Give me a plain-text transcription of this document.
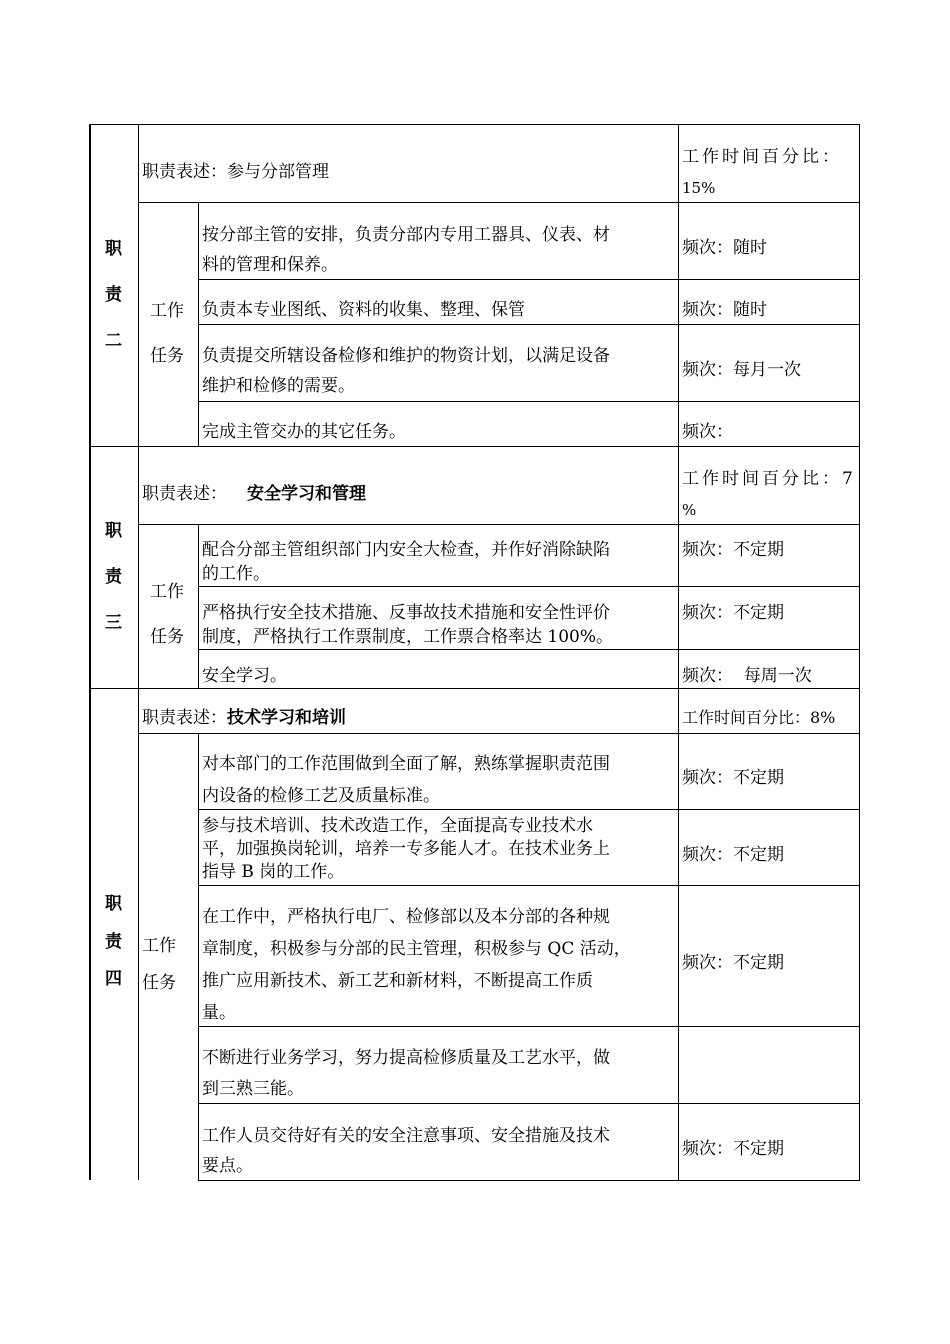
职
责
二
职责表述：参与分部管理
工作时间百分比：
15%
工作
任务
按分部主管的安排，负责分部内专用工器具、仪表、材
料的管理和保养。
频次：随时
负责本专业图纸、资料的收集、整理、保管	频次：随时
负责提交所辖设备检修和维护的物资计划，以满足设备
维护和检修的需要。
频次：每月一次
完成主管交办的其它任务。	频次：
职
责
三
职责表述： 安全学习和管理
工作时间百分比：7
%
工作
任务
配合分部主管组织部门内安全大检查，并作好消除缺陷
的工作。
频次：不定期
严格执行安全技术措施、反事故技术措施和安全性评价
制度，严格执行工作票制度，工作票合格率达 100%。
频次：不定期
安全学习。	频次：  每周一次
职
责
四
职责表述：技术学习和培训	工作时间百分比：8%
工作
任务
对本部门的工作范围做到全面了解，熟练掌握职责范围
内设备的检修工艺及质量标准。
频次：不定期
参与技术培训、技术改造工作，全面提高专业技术水
平，加强换岗轮训，培养一专多能人才。在技术业务上
指导 B 岗的工作。
频次：不定期
在工作中，严格执行电厂、检修部以及本分部的各种规
章制度，积极参与分部的民主管理，积极参与 QC 活动，
推广应用新技术、新工艺和新材料，不断提高工作质
量。
频次：不定期
不断进行业务学习，努力提高检修质量及工艺水平，做
到三熟三能。
工作人员交待好有关的安全注意事项、安全措施及技术
要点。
频次：不定期
